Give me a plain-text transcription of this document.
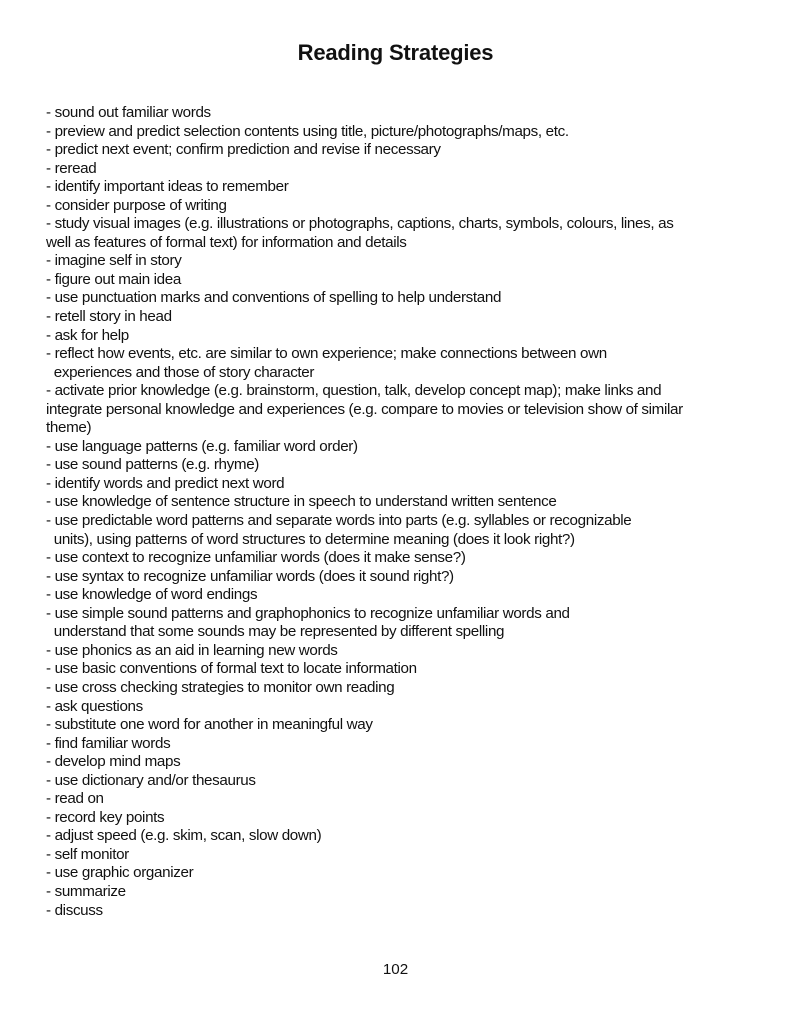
Reading Strategies
- sound out familiar words
- preview and predict selection contents using title, picture/photographs/maps, etc.
- predict next event; confirm prediction and revise if necessary
- reread
- identify important ideas to remember
- consider purpose of writing
- study visual images (e.g. illustrations or photographs, captions, charts, symbols, colours, lines, as
well as features of formal text) for information and details
- imagine self in story
- figure out main idea
- use punctuation marks and conventions of spelling to help understand
- retell story in head
- ask for help
- reflect how events, etc. are similar to own experience; make connections between own
experiences and those of story character
- activate prior knowledge (e.g. brainstorm, question, talk, develop concept map); make links and
integrate personal knowledge and experiences (e.g. compare to movies or television show of similar
theme)
- use language patterns (e.g. familiar word order)
- use sound patterns (e.g. rhyme)
- identify words and predict next word
- use knowledge of sentence structure in speech to understand written sentence
- use predictable word patterns and separate words into parts (e.g. syllables or recognizable
units), using patterns of word structures to determine meaning (does it look right?)
- use context to recognize unfamiliar words (does it make sense?)
- use syntax to recognize unfamiliar words (does it sound right?)
- use knowledge of word endings
- use simple sound patterns and graphophonics to recognize unfamiliar words and
understand that some sounds may be represented by different spelling
- use phonics as an aid in learning new words
- use basic conventions of formal text to locate information
- use cross checking strategies to monitor own reading
- ask questions
- substitute one word for another in meaningful way
- find familiar words
- develop mind maps
- use dictionary and/or thesaurus
- read on
- record key points
- adjust speed (e.g. skim, scan, slow down)
- self monitor
- use graphic organizer
- summarize
- discuss
102
